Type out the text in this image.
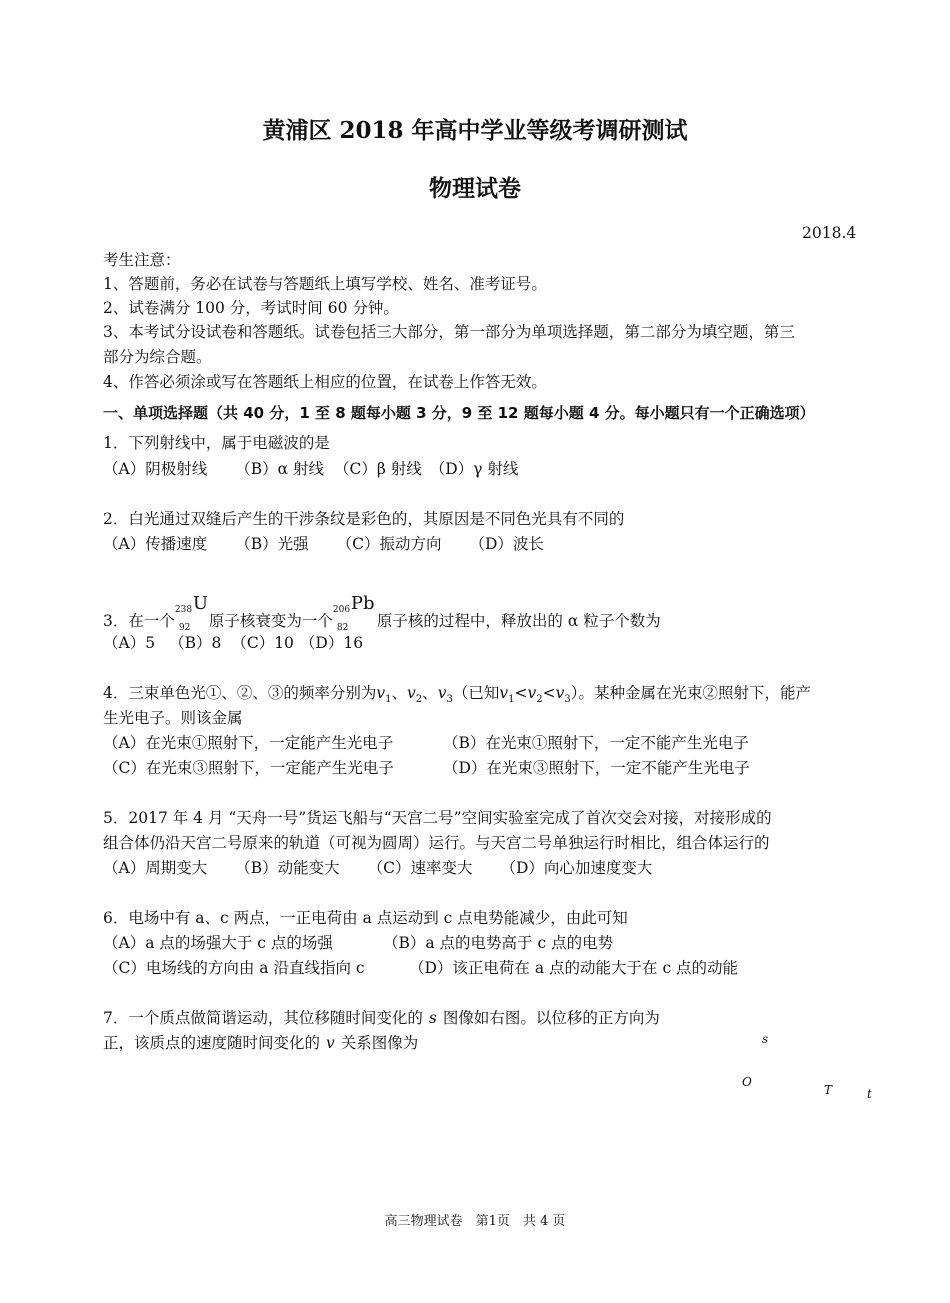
黄浦区 2018 年高中学业等级考调研测试
物理试卷
2018.4
考生注意：
1、答题前，务必在试卷与答题纸上填写学校、姓名、准考证号。
2、试卷满分 100 分，考试时间 60 分钟。
3、本考试分设试卷和答题纸。试卷包括三大部分，第一部分为单项选择题，第二部分为填空题，第三
部分为综合题。
4、作答必须涂或写在答题纸上相应的位置，在试卷上作答无效。
一、单项选择题（共 40 分，1 至 8 题每小题 3 分，9 至 12 题每小题 4 分。每小题只有一个正确选项）
1．下列射线中，属于电磁波的是
（A）阴极射线 （B）α 射线 （C）β 射线 （D）γ 射线
2．白光通过双缝后产生的干涉条纹是彩色的，其原因是不同色光具有不同的
（A）传播速度 （B）光强 （C）振动方向 （D）波长
3．在一个
238
92
U
原子核衰变为一个
206
82
Pb
原子核的过程中，释放出的 α 粒子个数为
（A）5 （B）8 （C）10 （D）16
4．三束单色光①、②、③的频率分别为$v_1$、$v_2$、$v_3$（已知$v_1<v_2<v_3$）。某种金属在光束②照射下，能产
生光电子。则该金属
（A）在光束①照射下，一定能产生光电子	（B）在光束①照射下，一定不能产生光电子
（C）在光束③照射下，一定能产生光电子	（D）在光束③照射下，一定不能产生光电子
5．2017 年 4 月 “天舟一号”货运飞船与“天宫二号”空间实验室完成了首次交会对接，对接形成的
组合体仍沿天宫二号原来的轨道（可视为圆周）运行。与天宫二号单独运行时相比，组合体运行的
（A）周期变大 （B）动能变大 （C）速率变大 （D）向心加速度变大
6．电场中有 a、c 两点，一正电荷由 a 点运动到 c 点电势能减少，由此可知
（A）a 点的场强大于 c 点的场强	（B）a 点的电势高于 c 点的电势
（C）电场线的方向由 a 沿直线指向 c	（D）该正电荷在 a 点的动能大于在 c 点的动能
7．一个质点做简谐运动，其位移随时间变化的 s 图像如右图。以位移的正方向为
正，该质点的速度随时间变化的 v 关系图像为	s
O
T	t
高三物理试卷　第1页　共 4 页
